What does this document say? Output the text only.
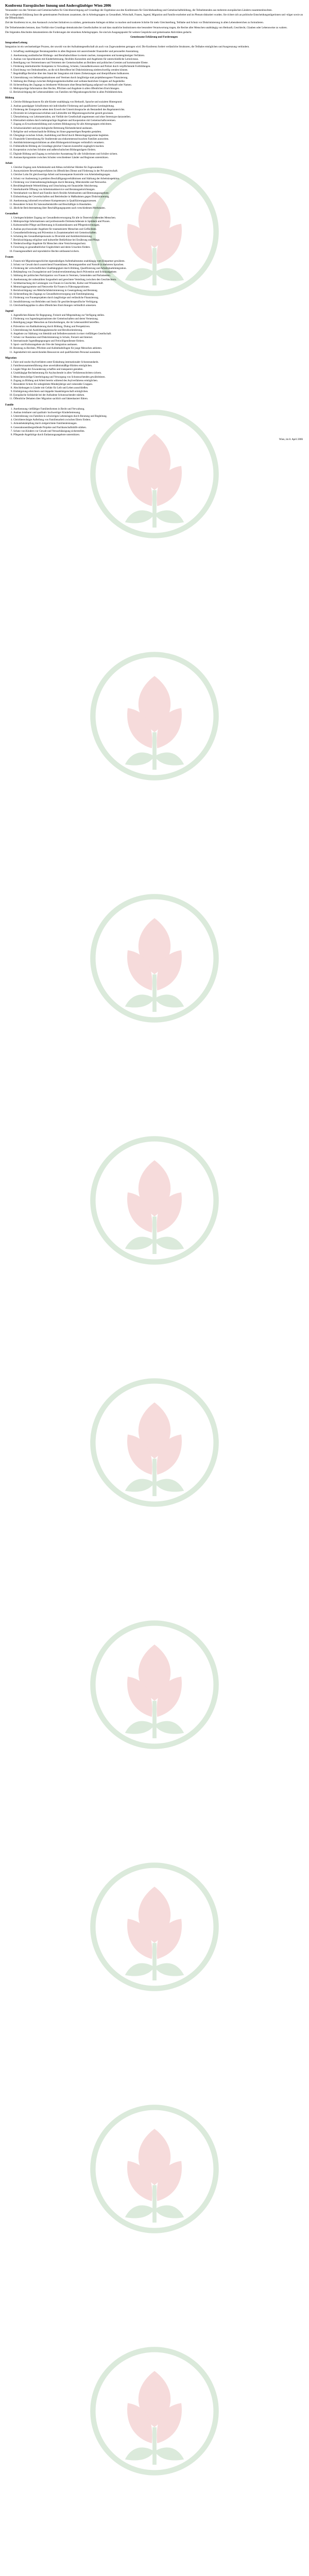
Konferenz Europäischer Innung und Andersgläubiger Wien 2006

Veranstaltet von den Vereinen und Gemeinschaften für Gleichberechtigung auf Grundlage der Ergebnisse aus den Konferenzen für Gleichbehandlung und Gemeinschaftsbildung, die Teilnehmenden aus mehreren europäischen Ländern zusammenbrachten.

Die vorliegende Erklärung fasst die gemeinsamen Positionen zusammen, die in Arbeitsgruppen zu Gesundheit, Wirtschaft, Frauen, Jugend, Migration und Familie erarbeitet und im Plenum diskutiert wurden. Sie richtet sich an politische Entscheidungsträgerinnen und -träger sowie an die Öffentlichkeit.

Ziel der Konferenz ist es, den Austausch zwischen Initiativen zu stärken, gemeinsame Anliegen sichtbar zu machen und konkrete Schritte für mehr Gleichstellung, Teilhabe und Schutz vor Diskriminierung in allen Lebensbereichen zu formulieren.

Die Teilnehmenden betonen, dass Vielfalt eine Grundlage demokratischer Gesellschaften ist und dass staatliche Institutionen eine besondere Verantwortung tragen, die Rechte aller Menschen unabhängig von Herkunft, Geschlecht, Glauben oder Lebensweise zu wahren.

Die folgenden Abschnitte dokumentieren die Forderungen der einzelnen Arbeitsgruppen. Sie sind als Ausgangspunkt für weitere Gespräche und gemeinsame Aktivitäten gedacht.

Gemeinsame Erklärung und Forderungen
Integration/Leitung

Integration ist ein wechselseitiger Prozess, der sowohl von der Aufnahmegesellschaft als auch von Zugewanderten getragen wird. Die Konferenz fordert verlässliche Strukturen, die Teilhabe ermöglichen und Ausgrenzung verhindern.

1. Schaffung unabhängiger Beratungsstellen in allen Regionen mit ausreichender finanzieller und personeller Ausstattung.
2. Anerkennung ausländischer Bildungs- und Berufsabschlüsse in einem raschen, transparenten und kostengünstigen Verfahren.
3. Ausbau von Sprachkursen mit Kinderbetreuung, flexiblen Kurszeiten und Angeboten für unterschiedliche Lernniveaus.
4. Beteiligung von Vertreterinnen und Vertretern der Gemeinschaften an Beiräten und politischen Gremien auf kommunaler Ebene.
5. Förderung interkultureller Kompetenz in Verwaltung, Schulen, Gesundheitswesen und Polizei durch verpflichtende Fortbildungen.
6. Einrichtung von Ombudsstellen, an die sich Betroffene bei Diskriminierung niederschwellig wenden können.
7. Regelmäßige Berichte über den Stand der Integration mit klaren Zielsetzungen und überprüfbaren Indikatoren.
8. Unterstützung von Selbstorganisationen und Vereinen durch langfristige statt projektbezogener Finanzierung.
9. Stärkung des Dialogs zwischen Religionsgemeinschaften und weltanschaulichen Gruppen auf Augenhöhe.
10. Sicherstellung des Zugangs zu leistbarem Wohnraum ohne Benachteiligung aufgrund von Herkunft oder Namen.
11. Mehrsprachige Information über Rechte, Pflichten und Angebote in allen öffentlichen Einrichtungen.
12. Berücksichtigung der Lebensrealitäten von Familien mit Migrationsgeschichte in allen Politikbereichen.
Bildung
1. Gleiche Bildungschancen für alle Kinder unabhängig von Herkunft, Sprache und sozialem Hintergrund.
2. Ausbau ganztägiger Schulformen mit individueller Förderung und qualifizierter Lernbegleitung.
3. Förderung der Erstsprache neben dem Erwerb der Unterrichtssprache als Bestandteil des Regelunterrichts.
4. Diversität im Lehrpersonal erhöhen und Lehrkräfte mit Migrationsgeschichte gezielt gewinnen.
5. Überarbeitung von Lehrmaterialien, um Vielfalt der Gesellschaft angemessen und ohne Stereotype darzustellen.
6. Elternarbeit stärken durch mehrsprachige Angebote und Kooperation mit Gemeinschaftsvereinen.
7. Zugang zu Erwachsenenbildung und zweitem Bildungsweg für alle Altersgruppen erleichtern.
8. Schulsozialarbeit und psychologische Betreuung flächendeckend ausbauen.
9. Religiöse und weltanschauliche Bildung im Sinne gegenseitigen Respekts gestalten.
10. Übergänge zwischen Schule, Ausbildung und Beruf durch Mentoringprogramme begleiten.
11. Finanzielle Unterstützung für Studierende aus einkommensschwachen Familien ausweiten.
12. Antidiskriminierungsrichtlinien an allen Bildungseinrichtungen verbindlich verankern.
13. Frühkindliche Bildung als Grundlage gleicher Chancen kostenfrei zugänglich machen.
14. Kooperation zwischen Schulen und außerschulischen Bildungsträgern fördern.
15. Digitale Bildung und Zugang zu technischer Ausstattung für alle Schülerinnen und Schüler sichern.
16. Austauschprogramme zwischen Schulen verschiedener Länder und Regionen unterstützen.
Arbeit
1. Gleicher Zugang zum Arbeitsmarkt und Abbau rechtlicher Hürden für Zugewanderte.
2. Anonymisierte Bewerbungsverfahren im öffentlichen Dienst und Förderung in der Privatwirtschaft.
3. Gleicher Lohn für gleichwertige Arbeit und konsequente Kontrolle von Arbeitsbedingungen.
4. Schutz vor Ausbeutung in prekären Beschäftigungsverhältnissen und Stärkung der Arbeitsinspektion.
5. Förderung von Unternehmensgründungen durch Beratung, Mikrokredite und Netzwerke.
6. Berufsbegleitende Weiterbildung und Umschulung mit finanzieller Absicherung.
7. Interkulturelle Öffnung von Arbeitsmarktservice und Beratungseinrichtungen.
8. Vereinbarkeit von Beruf und Familie durch flexible Arbeitszeiten und Betreuungsangebote.
9. Einbeziehung der Gewerkschaften und Betriebsräte in Maßnahmen gegen Diskriminierung.
10. Anerkennung informell erworbener Kompetenzen in Qualifizierungsprozessen.
11. Besonderer Schutz für Saisonarbeitskräfte und Beschäftigte in Haushalten.
12. Jährliche Berichterstattung über Beschäftigungsquoten nach verschiedenen Merkmalen.
Gesundheit
1. Uneingeschränkter Zugang zur Gesundheitsversorgung für alle in Österreich lebenden Menschen.
2. Mehrsprachige Informationen und professionelle Dolmetschdienste in Spitälern und Praxen.
3. Kultursensible Pflege und Betreuung in Krankenhäusern und Pflegeeinrichtungen.
4. Ausbau psychosozialer Angebote für traumatisierte Menschen und Geflüchtete.
5. Gesundheitsförderung und Prävention in Zusammenarbeit mit Gemeinschaften.
6. Schulung des Gesundheitspersonals zu Diversität und Antidiskriminierung.
7. Berücksichtigung religiöser und kultureller Bedürfnisse bei Ernährung und Pflege.
8. Niederschwellige Angebote für Menschen ohne Versicherungsschutz.
9. Forschung zu gesundheitlicher Ungleichheit und deren Ursachen fördern.
10. Frauengesundheit und reproduktive Rechte umfassend sichern.
Frauen
1. Frauen mit Migrationsgeschichte eigenständigen Aufenthaltsstatus unabhängig vom Ehepartner gewähren.
2. Schutz vor Gewalt durch ausreichend Frauenhäuser, Beratungsstellen und Notrufe in mehreren Sprachen.
3. Förderung der wirtschaftlichen Unabhängigkeit durch Bildung, Qualifizierung und Arbeitsmarktintegration.
4. Bekämpfung von Zwangsheirat und Genitalverstümmelung durch Prävention und Schutzangebote.
5. Stärkung der politischen Partizipation von Frauen in Vereinen, Gemeinden und Parlamenten.
6. Anerkennung der unbezahlten Sorgearbeit und gerechtere Verteilung zwischen den Geschlechtern.
7. Sichtbarmachung der Leistungen von Frauen in Geschichte, Kultur und Wissenschaft.
8. Mentoringprogramme und Netzwerke für Frauen in Führungspositionen.
9. Berücksichtigung von Mehrfachdiskriminierung in Gesetzgebung und Beratung.
10. Sicherstellung des Zugangs zu Gesundheitsversorgung und Familienplanung.
11. Förderung von Frauenprojekten durch langfristige und verlässliche Finanzierung.
12. Sensibilisierung von Behörden und Justiz für geschlechtsspezifische Verfolgung.
13. Gleichstellungspläne in allen öffentlichen Einrichtungen verbindlich umsetzen.
Jugend
1. Jugendlichen Räume für Begegnung, Freizeit und Mitgestaltung zur Verfügung stellen.
2. Förderung von Jugendorganisationen der Gemeinschaften und deren Vernetzung.
3. Beteiligung junger Menschen an Entscheidungen, die ihr Lebensumfeld betreffen.
4. Prävention von Radikalisierung durch Bildung, Dialog und Perspektiven.
5. Unterstützung bei Ausbildungsplatzsuche und Berufsorientierung.
6. Angebote zur Stärkung von Identität und Selbstbewusstsein in einer vielfältigen Gesellschaft.
7. Schutz vor Rassismus und Diskriminierung in Schule, Freizeit und Internet.
8. Internationale Jugendbegegnungen und Freiwilligendienste fördern.
9. Sport- und Kulturangebote als Orte der Integration ausbauen.
10. Beratung zu Rechten, Pflichten und Aufenthaltsfragen für junge Menschen anbieten.
11. Jugendarbeit mit ausreichenden Ressourcen und qualifiziertem Personal ausstatten.
Migration
1. Faire und rasche Asylverfahren unter Einhaltung internationaler Schutzstandards.
2. Familienzusammenführung ohne unverhältnismäßige Hürden ermöglichen.
3. Legale Wege der Zuwanderung schaffen und transparent gestalten.
4. Unabhängige Rechtsberatung für Asylsuchende in allen Verfahrensschritten sichern.
5. Menschenwürdige Unterbringung und Versorgung von Schutzsuchenden gewährleisten.
6. Zugang zu Bildung und Arbeit bereits während des Asylverfahrens ermöglichen.
7. Besonderer Schutz für unbegleitete Minderjährige und vulnerable Gruppen.
8. Abschiebungen in Länder mit Gefahr für Leib und Leben ausschließen.
9. Einbürgerung erleichtern und doppelte Staatsbürgerschaft ermöglichen.
10. Europäische Solidarität bei der Aufnahme Schutzsuchender stärken.
11. Öffentliche Debatten über Migration sachlich und faktenbasiert führen.
Familie
1. Anerkennung vielfältiger Familienformen in Recht und Verwaltung.
2. Ausbau leistbarer und qualitativ hochwertiger Kinderbetreuung.
3. Unterstützung von Familien in schwierigen Lebenslagen durch Beratung und Begleitung.
4. Gleichberechtigte Aufteilung von Familienarbeit zwischen Eltern fördern.
5. Armutsbekämpfung durch zielgerichtete Familienleistungen.
6. Generationenübergreifende Projekte und Nachbarschaftshilfe stärken.
7. Schutz von Kindern vor Gewalt und Vernachlässigung sicherstellen.
8. Pflegende Angehörige durch Entlastungsangebote unterstützen.
Wien, im 8. April 2006
